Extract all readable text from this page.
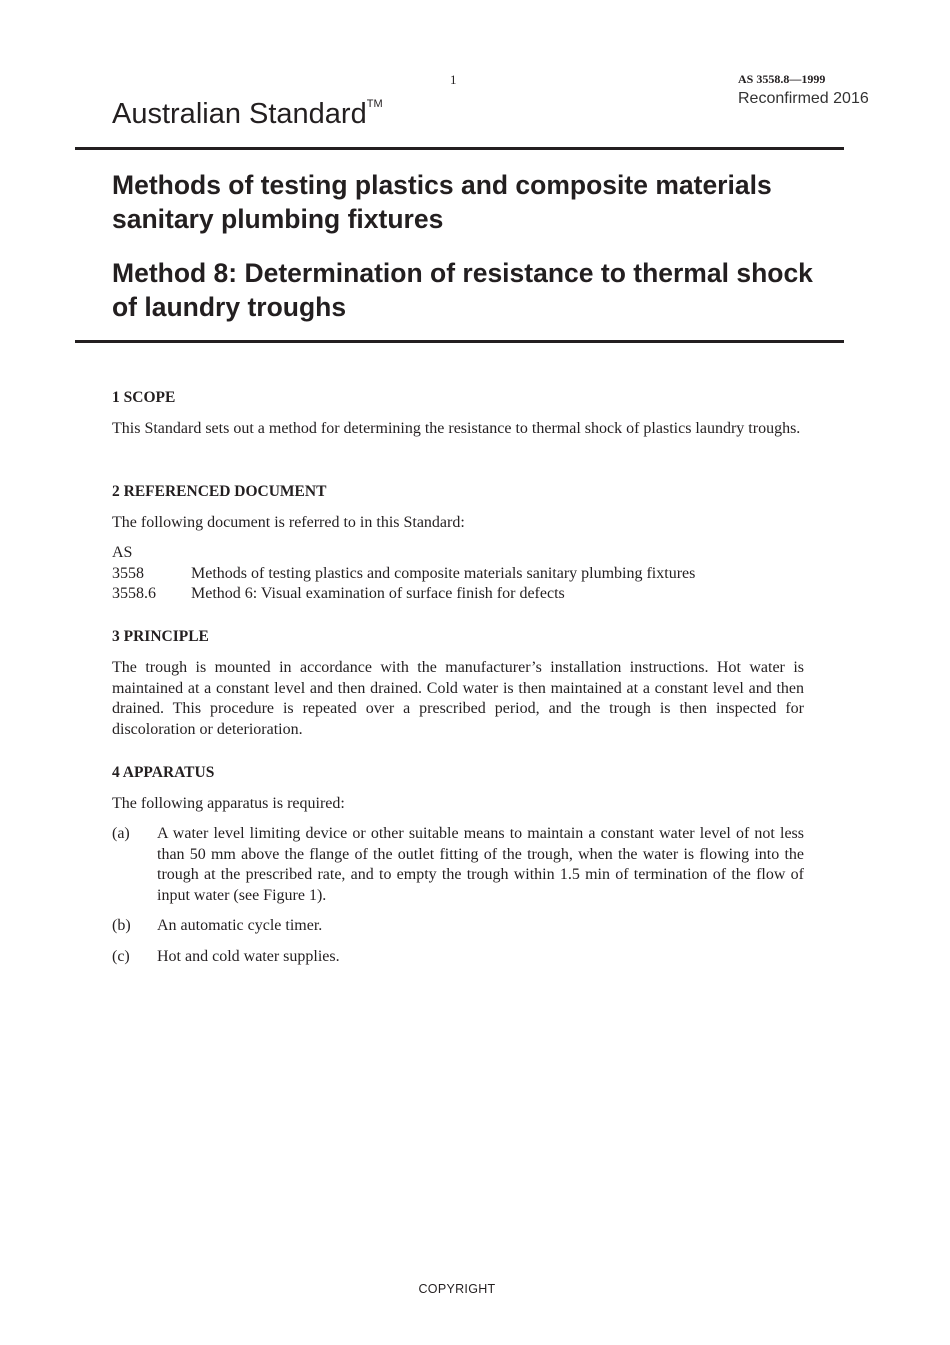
1	AS 3558.8—1999
Reconfirmed 2016
Australian Standard™
Methods of testing plastics and composite materials sanitary plumbing fixtures
Method 8: Determination of resistance to thermal shock of laundry troughs
1 SCOPE

This Standard sets out a method for determining the resistance to thermal shock of plastics laundry troughs.

2 REFERENCED DOCUMENT

The following document is referred to in this Standard:

AS
3558	Methods of testing plastics and composite materials sanitary plumbing fixtures
3558.6	Method 6: Visual examination of surface finish for defects
3 PRINCIPLE

The trough is mounted in accordance with the manufacturer’s installation instructions. Hot water is maintained at a constant level and then drained. Cold water is then maintained at a constant level and then drained. This procedure is repeated over a prescribed period, and the trough is then inspected for discoloration or deterioration.

4 APPARATUS

The following apparatus is required:

(a)	A water level limiting device or other suitable means to maintain a constant water level of not less than 50 mm above the flange of the outlet fitting of the trough, when the water is flowing into the trough at the prescribed rate, and to empty the trough within 1.5 min of termination of the flow of input water (see Figure 1).
(b)	An automatic cycle timer.
(c)	Hot and cold water supplies.
COPYRIGHT
